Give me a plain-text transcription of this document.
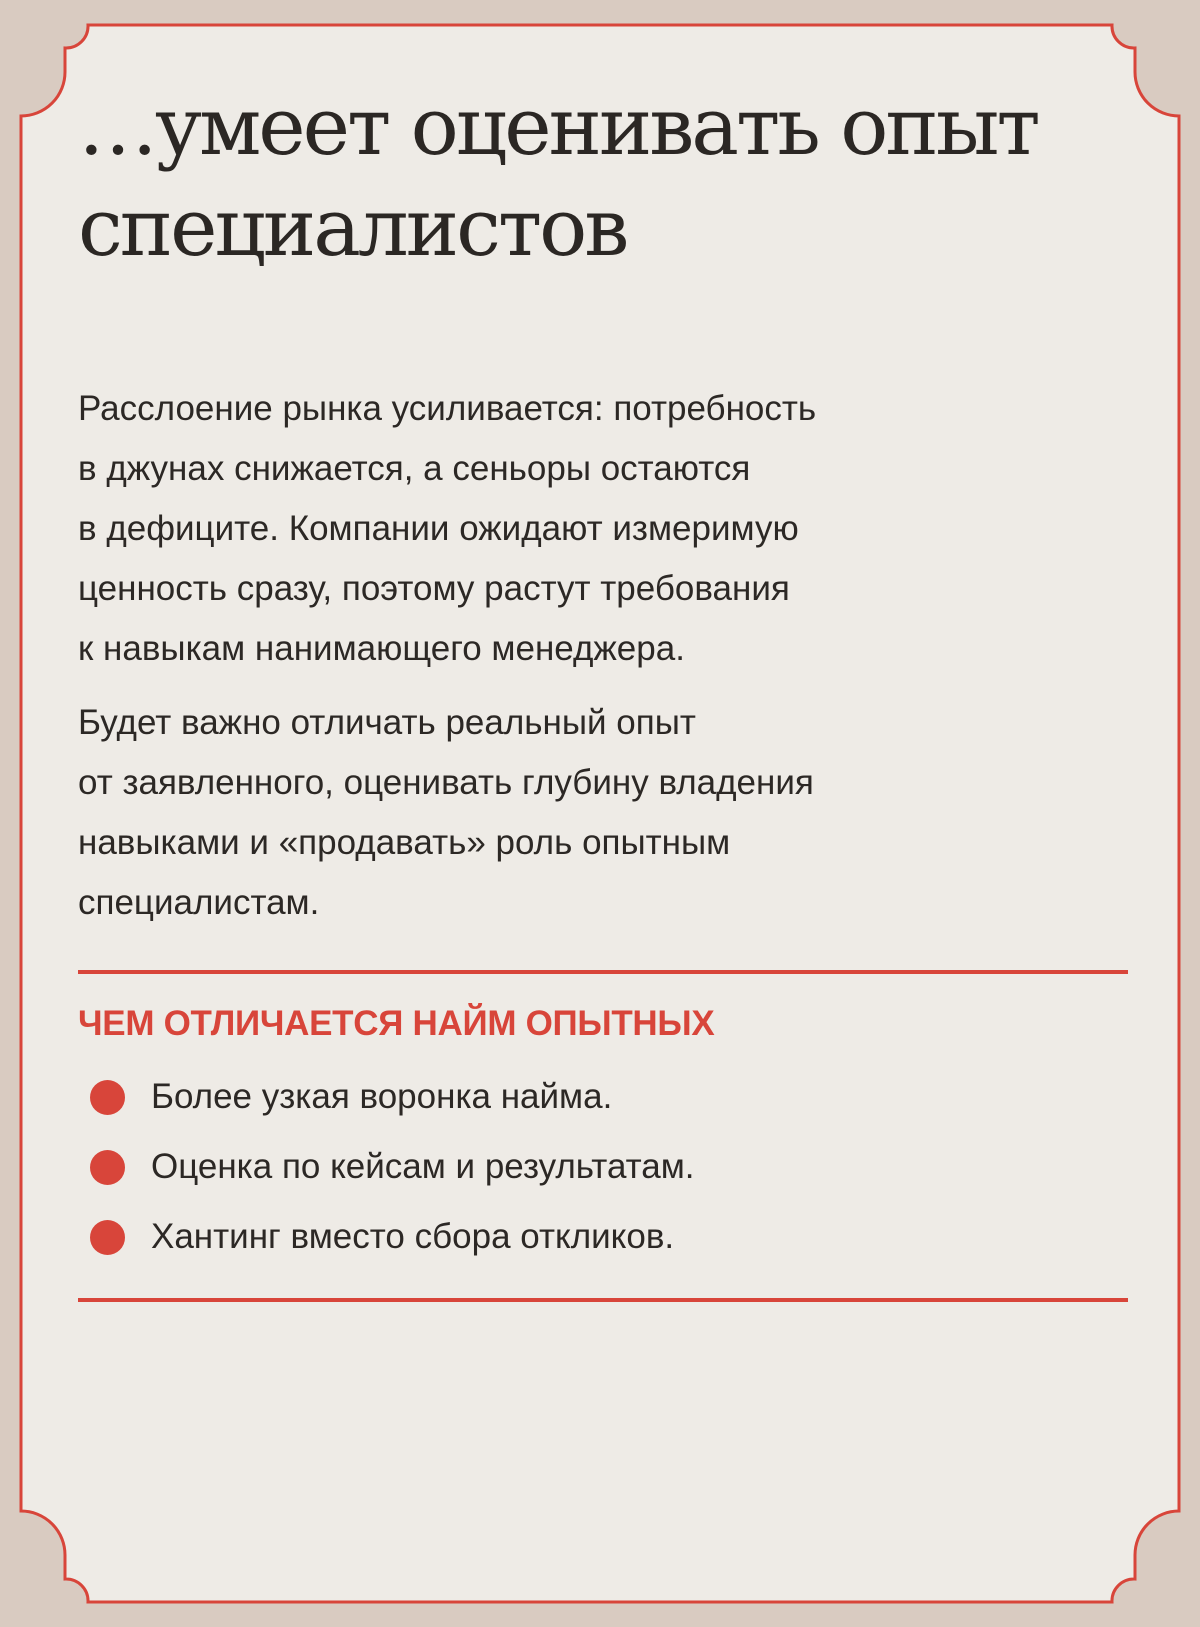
…умеет оценивать опыт
специалистов

Расслоение рынка усиливается: потребность
в джунах снижается, а сеньоры остаются
в дефиците. Компании ожидают измеримую
ценность сразу, поэтому растут требования
к навыкам нанимающего менеджера.

Будет важно отличать реальный опыт
от заявленного, оценивать глубину владения
навыками и «продавать» роль опытным
специалистам.

ЧЕМ ОТЛИЧАЕТСЯ НАЙМ ОПЫТНЫХ
Более узкая воронка найма.
Оценка по кейсам и результатам.
Хантинг вместо сбора откликов.
